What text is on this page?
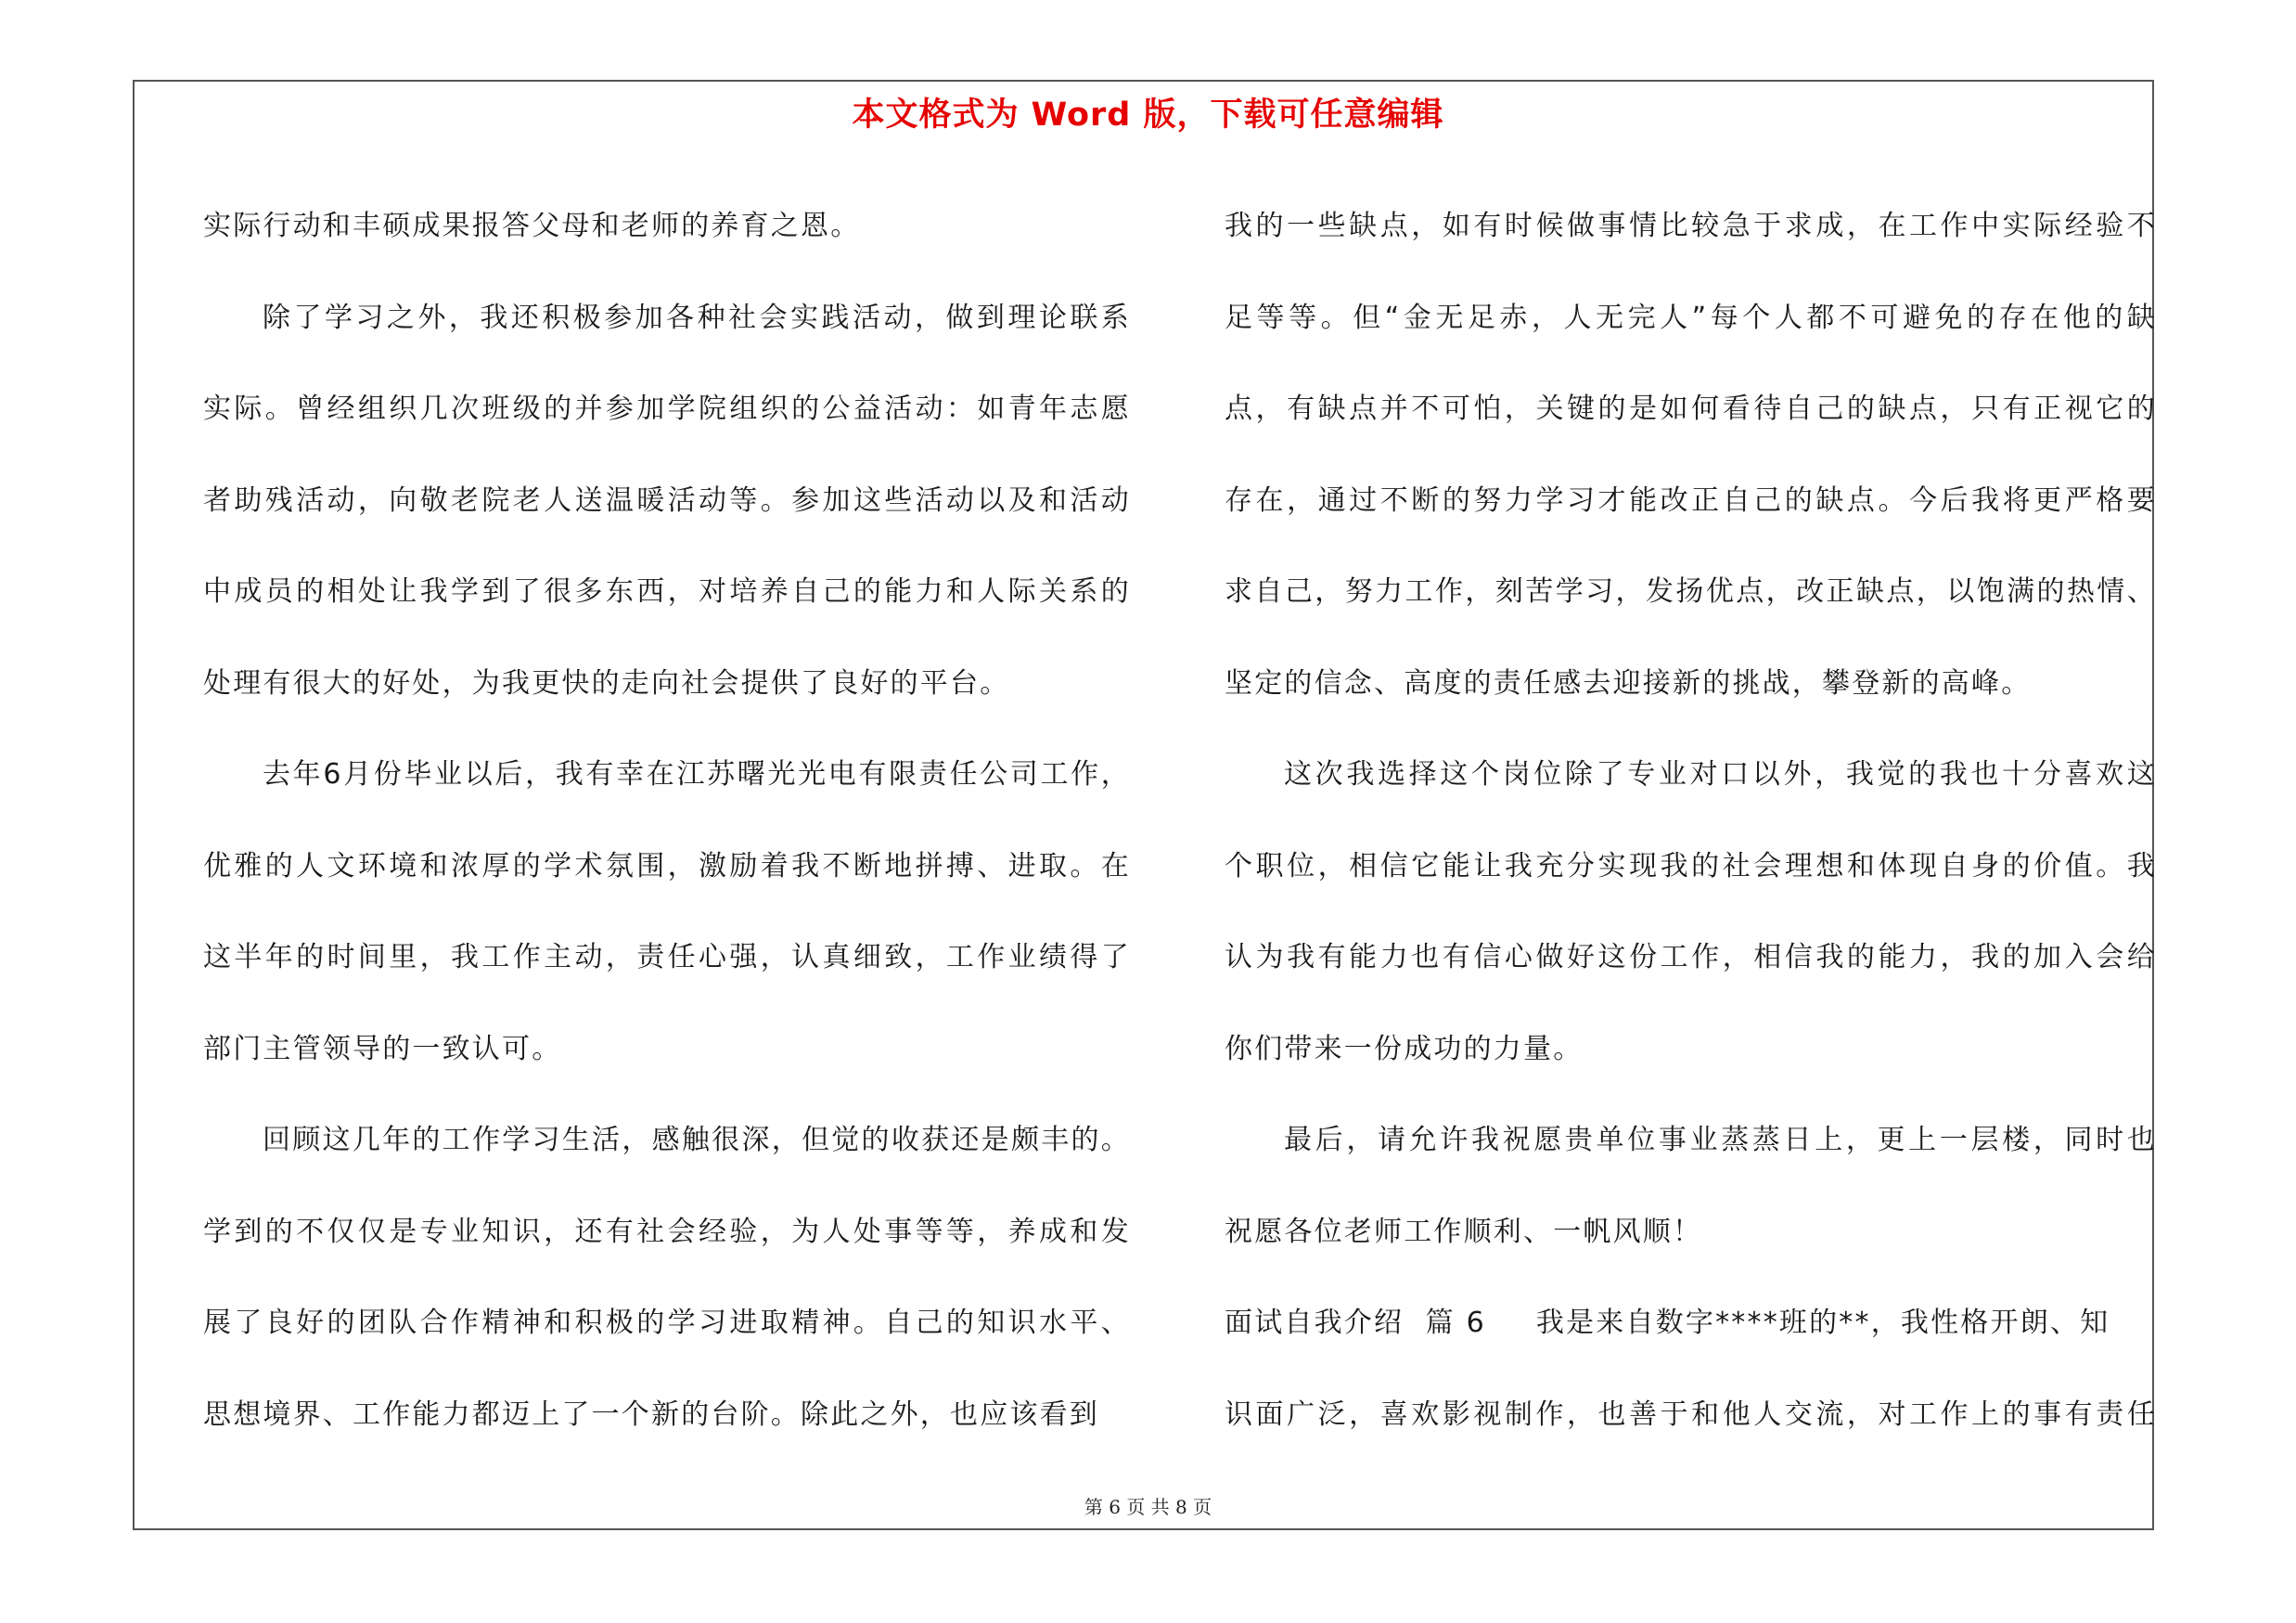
本文格式为 Word 版，下载可任意编辑
实际行动和丰硕成果报答父母和老师的养育之恩。
除了学习之外，我还积极参加各种社会实践活动，做到理论联系
实际。曾经组织几次班级的并参加学院组织的公益活动：如青年志愿
者助残活动，向敬老院老人送温暖活动等。参加这些活动以及和活动
中成员的相处让我学到了很多东西，对培养自己的能力和人际关系的
处理有很大的好处，为我更快的走向社会提供了良好的平台。
去年6月份毕业以后，我有幸在江苏曙光光电有限责任公司工作，
优雅的人文环境和浓厚的学术氛围，激励着我不断地拼搏、进取。在
这半年的时间里，我工作主动，责任心强，认真细致，工作业绩得了
部门主管领导的一致认可。
回顾这几年的工作学习生活，感触很深，但觉的收获还是颇丰的。
学到的不仅仅是专业知识，还有社会经验，为人处事等等，养成和发
展了良好的团队合作精神和积极的学习进取精神。自己的知识水平、
思想境界、工作能力都迈上了一个新的台阶。除此之外，也应该看到
我的一些缺点，如有时候做事情比较急于求成，在工作中实际经验不
足等等。但“金无足赤，人无完人”每个人都不可避免的存在他的缺
点，有缺点并不可怕，关键的是如何看待自己的缺点，只有正视它的
存在，通过不断的努力学习才能改正自己的缺点。今后我将更严格要
求自己，努力工作，刻苦学习，发扬优点，改正缺点，以饱满的热情、
坚定的信念、高度的责任感去迎接新的挑战，攀登新的高峰。
这次我选择这个岗位除了专业对口以外，我觉的我也十分喜欢这
个职位，相信它能让我充分实现我的社会理想和体现自身的价值。我
认为我有能力也有信心做好这份工作，相信我的能力，我的加入会给
你们带来一份成功的力量。
最后，请允许我祝愿贵单位事业蒸蒸日上，更上一层楼，同时也
祝愿各位老师工作顺利、一帆风顺！
面试自我介绍  篇 6 我是来自数字****班的**，我性格开朗、知
识面广泛，喜欢影视制作，也善于和他人交流，对工作上的事有责任
第 6 页 共 8 页
